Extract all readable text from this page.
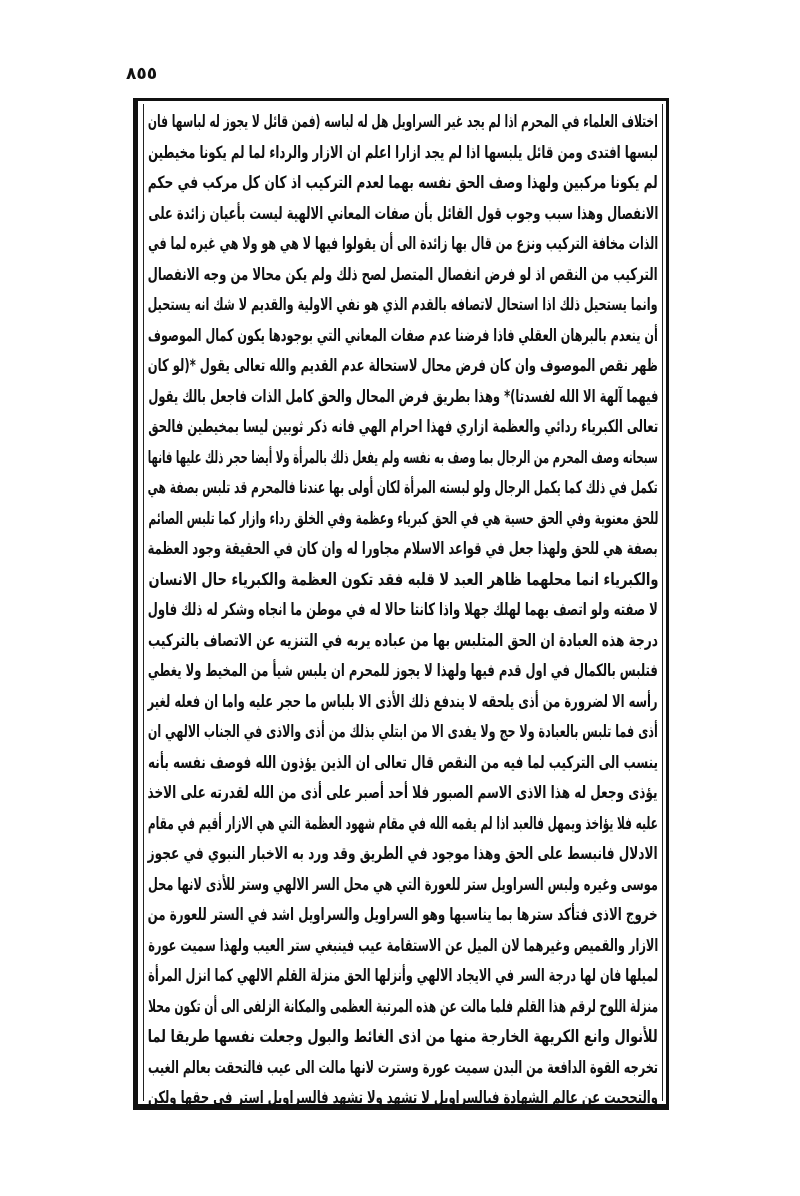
٨٥٥
اختلاف العلماء في المحرم اذا لم يجد غير السراويل هل له لباسه (فمن قائل لا يجوز له لباسها فان
لبسها افتدى ومن قائل يلبسها اذا لم يجد ازارا اعلم ان الازار والرداء لما لم يكونا مخيطين
لم يكونا مركبين ولهذا وصف الحق نفسه بهما لعدم التركيب اذ كان كل مركب في حكم
الانفصال وهذا سبب وجوب قول القائل بأن صفات المعاني الالهية ليست بأعيان زائدة على
الذات مخافة التركيب ونزع من قال بها زائدة الى أن يقولوا فيها لا هي هو ولا هي غيره لما في
التركيب من النقص اذ لو فرض انفصال المتصل لصح ذلك ولم يكن محالا من وجه الانفصال
وانما يستحيل ذلك اذا استحال لاتصافه بالقدم الذي هو نفي الاولية والقديم لا شك انه يستحيل
أن ينعدم بالبرهان العقلي فاذا فرضنا عدم صفات المعاني التي بوجودها يكون كمال الموصوف
ظهر نقص الموصوف وان كان فرض محال لاستحالة عدم القديم والله تعالى يقول *(لو كان
فيهما آلهة الا الله لفسدتا)* وهذا بطريق فرض المحال والحق كامل الذات فاجعل بالك يقول
تعالى الكبرياء ردائي والعظمة ازاري فهذا احرام الهي فانه ذكر ثوبين ليسا بمخيطين فالحق
سبحانه وصف المحرم من الرجال بما وصف به نفسه ولم يفعل ذلك بالمرأة ولا أيضا حجر ذلك عليها فانها
تكمل في ذلك كما يكمل الرجال ولو لبسته المرأة لكان أولى بها عندنا فالمحرم قد تلبس بصفة هي
للحق معنوية وفي الحق حسية هي في الحق كبرياء وعظمة وفي الخلق رداء وازار كما تلبس الصائم
بصفة هي للحق ولهذا جعل في قواعد الاسلام مجاورا له وان كان في الحقيقة وجود العظمة
والكبرياء انما محلهما ظاهر العبد لا قلبه فقد تكون العظمة والكبرياء حال الانسان
لا صفته ولو اتصف بهما لهلك جهلا واذا كانتا حالا له في موطن ما انجاه وشكر له ذلك فاول
درجة هذه العبادة ان الحق المتلبس بها من عباده يربه في التنزيه عن الاتصاف بالتركيب
فتلبس بالكمال في اول قدم فيها ولهذا لا يجوز للمحرم ان يلبس شيأ من المخيط ولا يغطي
رأسه الا لضرورة من أذى يلحقه لا يندفع ذلك الأذى الا بلباس ما حجر عليه واما ان فعله لغير
أذى فما تلبس بالعبادة ولا حج ولا يفدى الا من ابتلي بذلك من أذى والاذى في الجناب الالهي ان
ينسب الى التركيب لما فيه من النقص قال تعالى ان الذين يؤذون الله فوصف نفسه بأنه
يؤذى وجعل له هذا الاذى الاسم الصبور فلا أحد أصبر على أذى من الله لقدرته على الاخذ
عليه فلا يؤاخذ ويمهل فالعبد اذا لم يقمه الله في مقام شهود العظمة التي هي الازار أقيم في مقام
الادلال فانبسط على الحق وهذا موجود في الطريق وقد ورد به الاخبار النبوي في عجوز
موسى وغيره ولبس السراويل ستر للعورة التي هي محل السر الالهي وستر للأذى لانها محل
خروج الاذى فتأكد سترها بما يناسبها وهو السراويل والسراويل اشد في الستر للعورة من
الازار والقميص وغيرهما لان الميل عن الاستقامة عيب فينبغي ستر العيب ولهذا سميت عورة
لميلها فان لها درجة السر في الايجاد الالهي وأنزلها الحق منزلة القلم الالهي كما انزل المرأة
منزلة اللوح لرقم هذا القلم فلما مالت عن هذه المرتبة العظمى والمكانة الزلفى الى أن تكون محلا
للأنوال وانع الكريهة الخارجة منها من اذى الغائط والبول وجعلت نفسها طريقا لما
تخرجه القوة الدافعة من البدن سميت عورة وسترت لانها مالت الى عيب فالتحقت بعالم الغيب
والتحجبت عن عالم الشهادة فبالسراويل لا تشهد ولا تشهد فالسراويل استر في حقها ولكن
